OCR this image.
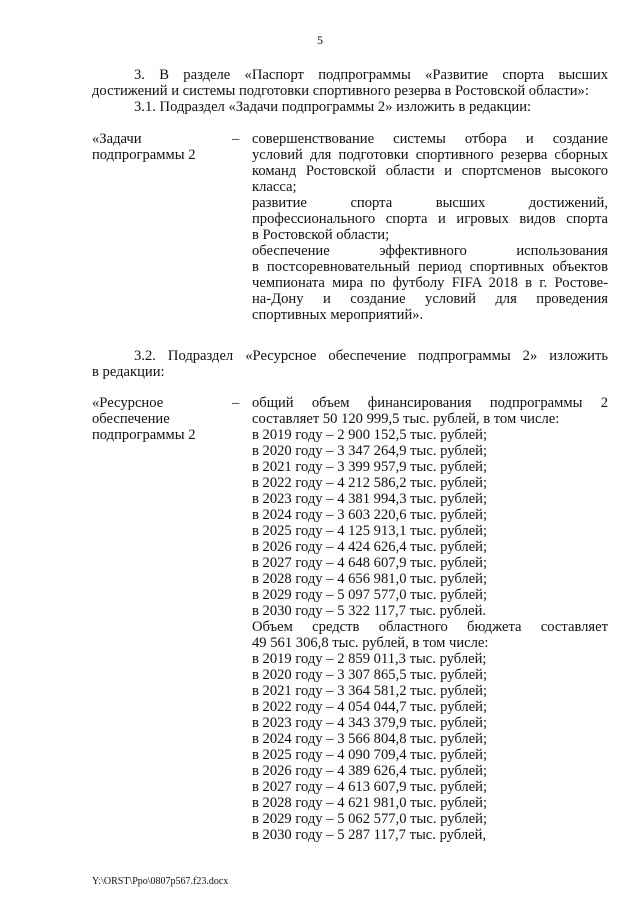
5
3. В разделе «Паспорт подпрограммы «Развитие спорта высших
достижений и системы подготовки спортивного резерва в Ростовской области»:
3.1. Подраздел «Задачи подпрограммы 2» изложить в редакции:
«Задачи
подпрограммы 2
– совершенствование системы отбора и создание
условий для подготовки спортивного резерва сборных
команд Ростовской области и спортсменов высокого
класса;
развитие спорта высших достижений,
профессионального спорта и игровых видов спорта
в Ростовской области;
обеспечение эффективного использования
в постсоревновательный период спортивных объектов
чемпионата мира по футболу FIFA 2018 в г. Ростове-
на-Дону и создание условий для проведения
спортивных мероприятий».
3.2. Подраздел «Ресурсное обеспечение подпрограммы 2» изложить
в редакции:
«Ресурсное
обеспечение
подпрограммы 2
– общий объем финансирования подпрограммы 2
составляет 50 120 999,5 тыс. рублей, в том числе:
в 2019 году – 2 900 152,5 тыс. рублей;
в 2020 году – 3 347 264,9 тыс. рублей;
в 2021 году – 3 399 957,9 тыс. рублей;
в 2022 году – 4 212 586,2 тыс. рублей;
в 2023 году – 4 381 994,3 тыс. рублей;
в 2024 году – 3 603 220,6 тыс. рублей;
в 2025 году – 4 125 913,1 тыс. рублей;
в 2026 году – 4 424 626,4 тыс. рублей;
в 2027 году – 4 648 607,9 тыс. рублей;
в 2028 году – 4 656 981,0 тыс. рублей;
в 2029 году – 5 097 577,0 тыс. рублей;
в 2030 году – 5 322 117,7 тыс. рублей.
Объем средств областного бюджета составляет
49 561 306,8 тыс. рублей, в том числе:
в 2019 году – 2 859 011,3 тыс. рублей;
в 2020 году – 3 307 865,5 тыс. рублей;
в 2021 году – 3 364 581,2 тыс. рублей;
в 2022 году – 4 054 044,7 тыс. рублей;
в 2023 году – 4 343 379,9 тыс. рублей;
в 2024 году – 3 566 804,8 тыс. рублей;
в 2025 году – 4 090 709,4 тыс. рублей;
в 2026 году – 4 389 626,4 тыс. рублей;
в 2027 году – 4 613 607,9 тыс. рублей;
в 2028 году – 4 621 981,0 тыс. рублей;
в 2029 году – 5 062 577,0 тыс. рублей;
в 2030 году – 5 287 117,7 тыс. рублей,
Y:\ORST\Ppo\0807p567.f23.docx
